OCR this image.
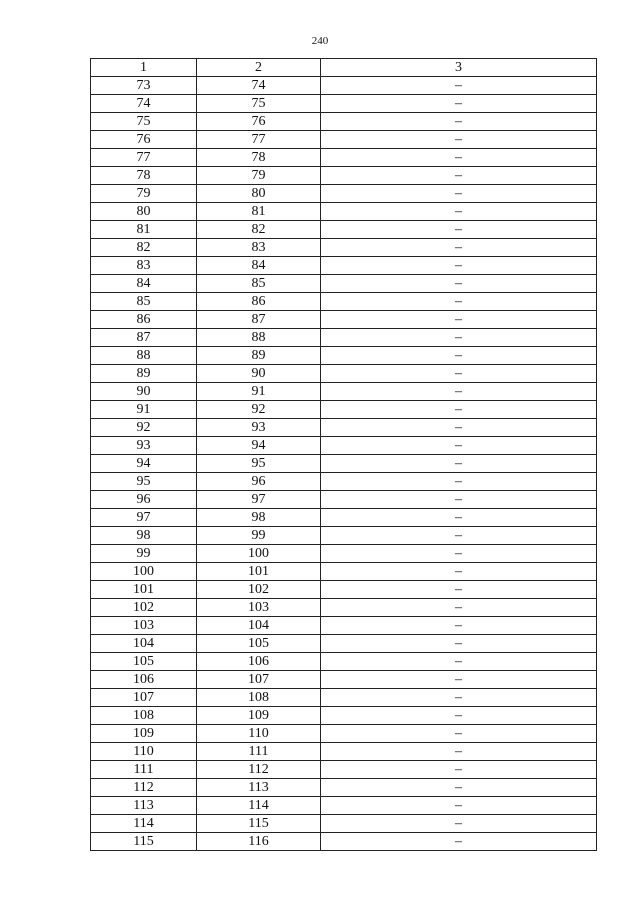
240
1	2	3
73	74	–
74	75	–
75	76	–
76	77	–
77	78	–
78	79	–
79	80	–
80	81	–
81	82	–
82	83	–
83	84	–
84	85	–
85	86	–
86	87	–
87	88	–
88	89	–
89	90	–
90	91	–
91	92	–
92	93	–
93	94	–
94	95	–
95	96	–
96	97	–
97	98	–
98	99	–
99	100	–
100	101	–
101	102	–
102	103	–
103	104	–
104	105	–
105	106	–
106	107	–
107	108	–
108	109	–
109	110	–
110	111	–
111	112	–
112	113	–
113	114	–
114	115	–
115	116	–
